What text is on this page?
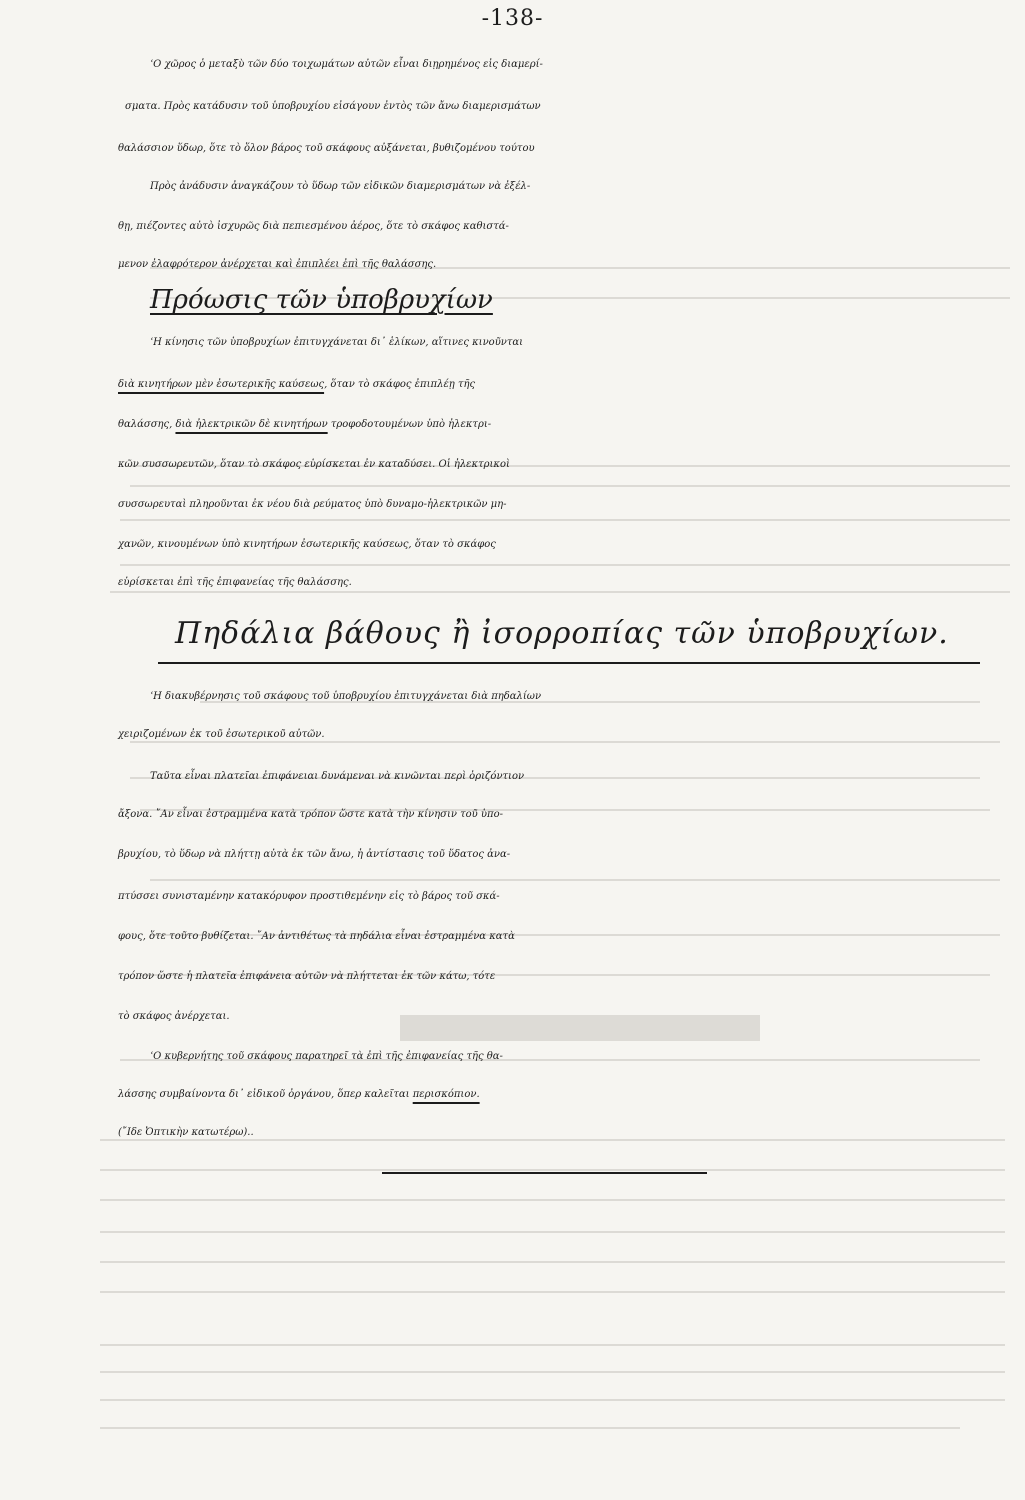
-138-
ʿΟ χῶρος ὁ μεταξὺ τῶν δύο τοιχωμάτων αὐτῶν εἶναι διῃρημένος εἰς διαμερί-
σματα. Πρὸς κατάδυσιν τοῦ ὑποβρυχίου εἰσάγουν ἐντὸς τῶν ἄνω διαμερισμάτων
θαλάσσιον ὕδωρ, ὅτε τὸ ὅλον βάρος τοῦ σκάφους αὐξάνεται, βυθιζομένου τούτου
Πρὸς ἀνάδυσιν ἀναγκάζουν τὸ ὕδωρ τῶν εἰδικῶν διαμερισμάτων νὰ ἐξέλ-
θῃ, πιέζοντες αὐτὸ ἰσχυρῶς διὰ πεπιεσμένου ἀέρος, ὅτε τὸ σκάφος καθιστά-
μενον ἐλαφρότερον ἀνέρχεται καὶ ἐπιπλέει ἐπὶ τῆς θαλάσσης.
Πρόωσις τῶν ὑποβρυχίων
ʿΗ κίνησις τῶν ὑποβρυχίων ἐπιτυγχάνεται δι᾽ ἑλίκων, αἵτινες κινοῦνται
διὰ κινητήρων μὲν ἐσωτερικῆς καύσεως, ὅταν τὸ σκάφος ἐπιπλέῃ τῆς
θαλάσσης, διὰ ἠλεκτρικῶν δὲ κινητήρων τροφοδοτουμένων ὑπὸ ἠλεκτρι-
κῶν συσσωρευτῶν, ὅταν τὸ σκάφος εὑρίσκεται ἐν καταδύσει. Οἱ ἠλεκτρικοὶ
συσσωρευταὶ πληροῦνται ἐκ νέου διὰ ρεύματος ὑπὸ δυναμο-ἠλεκτρικῶν μη-
χανῶν, κινουμένων ὑπὸ κινητήρων ἐσωτερικῆς καύσεως, ὅταν τὸ σκάφος
εὑρίσκεται ἐπὶ τῆς ἐπιφανείας τῆς θαλάσσης.
Πηδάλια βάθους ἢ ἰσορροπίας τῶν ὑποβρυχίων.
ʿΗ διακυβέρνησις τοῦ σκάφους τοῦ ὑποβρυχίου ἐπιτυγχάνεται διὰ πηδαλίων
χειριζομένων ἐκ τοῦ ἐσωτερικοῦ αὐτῶν.
Ταῦτα εἶναι πλατεῖαι ἐπιφάνειαι δυνάμεναι νὰ κινῶνται περὶ ὁριζόντιον
ἄξονα. ῎Αν εἶναι ἐστραμμένα κατὰ τρόπον ὥστε κατὰ τὴν κίνησιν τοῦ ὑπο-
βρυχίου, τὸ ὕδωρ νὰ πλήττῃ αὐτὰ ἐκ τῶν ἄνω, ἡ ἀντίστασις τοῦ ὕδατος ἀνα-
πτύσσει συνισταμένην κατακόρυφον προστιθεμένην εἰς τὸ βάρος τοῦ σκά-
φους, ὅτε τοῦτο βυθίζεται. ῎Αν ἀντιθέτως τὰ πηδάλια εἶναι ἐστραμμένα κατὰ
τρόπον ὥστε ἡ πλατεῖα ἐπιφάνεια αὐτῶν νὰ πλήττεται ἐκ τῶν κάτω, τότε
τὸ σκάφος ἀνέρχεται.
ʿΟ κυβερνήτης τοῦ σκάφους παρατηρεῖ τὰ ἐπὶ τῆς ἐπιφανείας τῆς θα-
λάσσης συμβαίνοντα δι᾽ εἰδικοῦ ὀργάνου, ὅπερ καλεῖται περισκόπιον.
(῎Ιδε Ὀπτικὴν κατωτέρω)..
